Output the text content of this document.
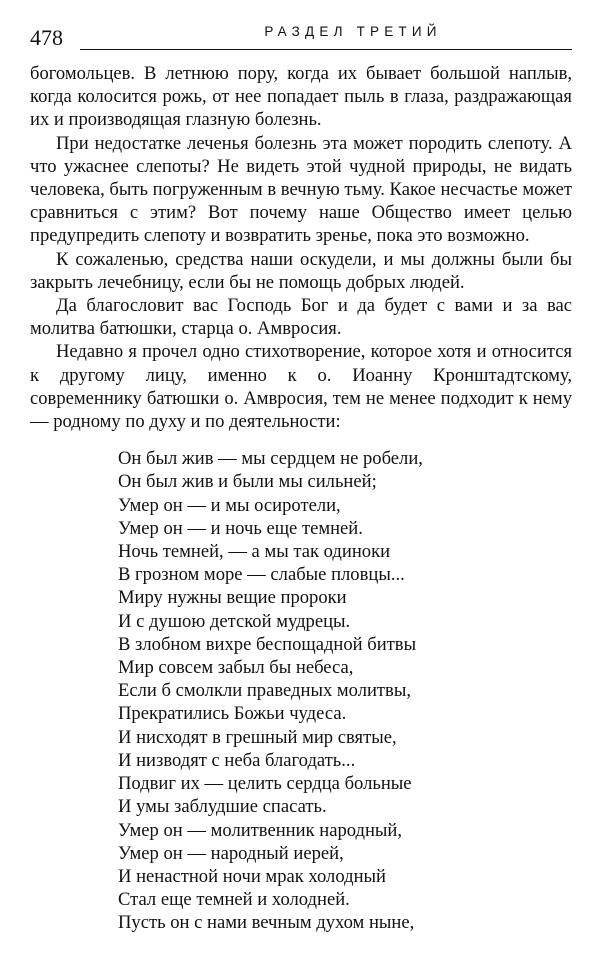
478	РАЗДЕЛ ТРЕТИЙ

богомольцев. В летнюю пору, когда их бывает большой наплыв, когда колосится рожь, от нее попадает пыль в глаза, раздражающая их и производящая глазную болезнь.

При недостатке леченья болезнь эта может породить слепоту. А что ужаснее слепоты? Не видеть этой чудной природы, не видать человека, быть погруженным в вечную тьму. Какое несчастье может сравниться с этим? Вот почему наше Общество имеет целью предупредить слепоту и возвратить зренье, пока это возможно.

К сожаленью, средства наши оскудели, и мы должны были бы закрыть лечебницу, если бы не помощь добрых людей.

Да благословит вас Господь Бог и да будет с вами и за вас молитва батюшки, старца о. Амвросия.

Недавно я прочел одно стихотворение, которое хотя и относится к другому лицу, именно к о. Иоанну Кронштадтскому, современнику батюшки о. Амвросия, тем не менее подходит к нему — родному по духу и по деятельности:

Он был жив — мы сердцем не робели,
Он был жив и были мы сильней;
Умер он — и мы осиротели,
Умер он — и ночь еще темней.
Ночь темней, — а мы так одиноки
В грозном море — слабые пловцы...
Миру нужны вещие пророки
И с душою детской мудрецы.
В злобном вихре беспощадной битвы
Мир совсем забыл бы небеса,
Если б смолкли праведных молитвы,
Прекратились Божьи чудеса.
И нисходят в грешный мир святые,
И низводят с неба благодать...
Подвиг их — целить сердца больные
И умы заблудшие спасать.
Умер он — молитвенник народный,
Умер он — народный иерей,
И ненастной ночи мрак холодный
Стал еще темней и холодней.
Пусть он с нами вечным духом ныне,
